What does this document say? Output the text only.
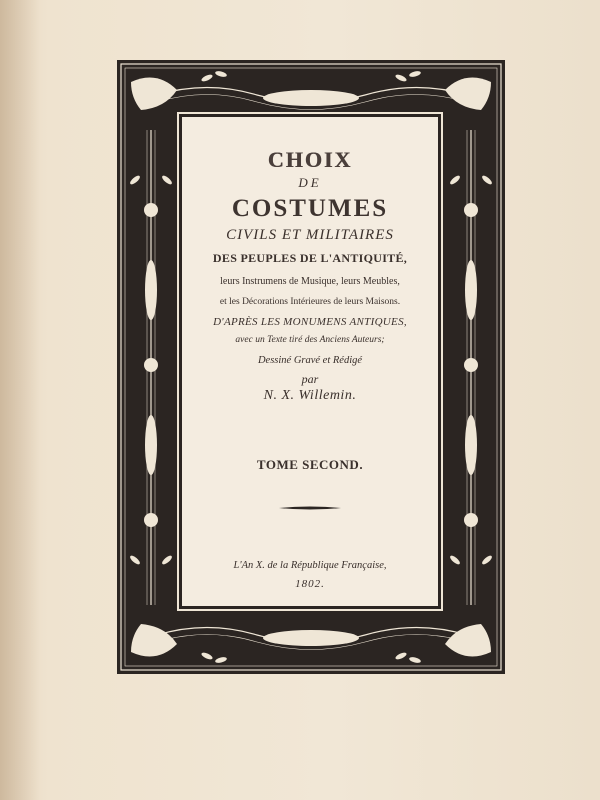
CHOIX
DE
COSTUMES
CIVILS ET MILITAIRES
DES PEUPLES DE L'ANTIQUITÉ,
leurs Instrumens de Musique, leurs Meubles,
et les Décorations Intérieures de leurs Maisons.
D'APRÈS LES MONUMENS ANTIQUES,
avec un Texte tiré des Anciens Auteurs;
Dessiné Gravé et Rédigé
par
N. X. Willemin.
TOME SECOND.
L'An X. de la République Française,
1802.
